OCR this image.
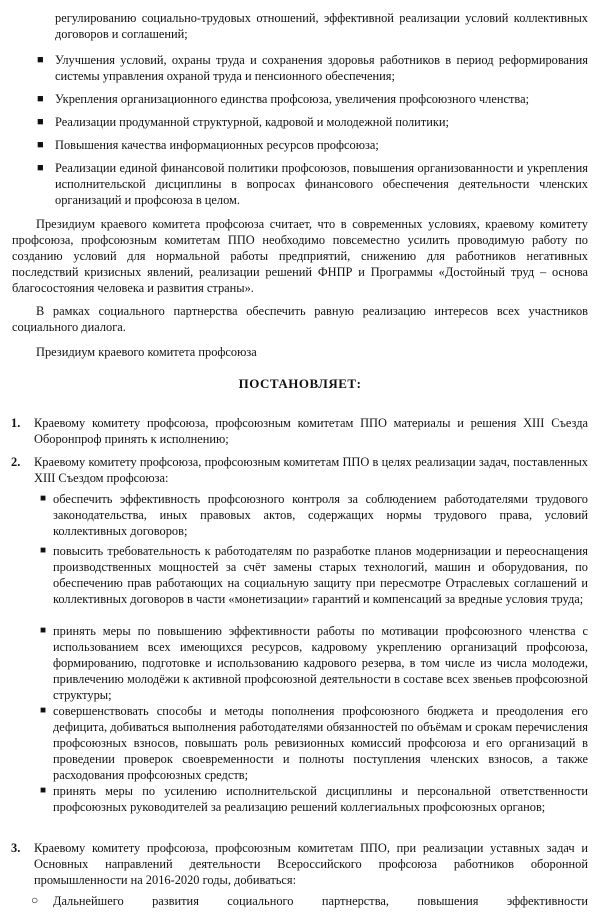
регулированию социально-трудовых отношений, эффективной реализации условий коллективных договоров и соглашений;

■ Улучшения условий, охраны труда и сохранения здоровья работников в период реформирования системы управления охраной труда и пенсионного обеспечения;

■ Укрепления организационного единства профсоюза, увеличения профсоюзного членства;

■ Реализации продуманной структурной, кадровой и молодежной политики;

■ Повышения качества информационных ресурсов профсоюза;

■ Реализации единой финансовой политики профсоюзов, повышения организованности и укрепления исполнительской дисциплины в вопросах финансового обеспечения деятельности членских организаций и профсоюза в целом.

Президиум краевого комитета профсоюза считает, что в современных условиях, краевому комитету профсоюза, профсоюзным комитетам ППО необходимо повсеместно усилить проводимую работу по созданию условий для нормальной работы предприятий, снижению для работников негативных последствий кризисных явлений, реализации решений ФНПР и Программы «Достойный труд – основа благосостояния человека и развития страны».

В рамках социального партнерства обеспечить равную реализацию интересов всех участников социального диалога.

Президиум краевого комитета профсоюза

ПОСТАНОВЛЯЕТ:

1. Краевому комитету профсоюза, профсоюзным комитетам ППО материалы и решения XIII Съезда Оборонпроф принять к исполнению;

2. Краевому комитету профсоюза, профсоюзным комитетам ППО в целях реализации задач, поставленных XIII Съездом профсоюза:

■ обеспечить эффективность профсоюзного контроля за соблюдением работодателями трудового законодательства, иных правовых актов, содержащих нормы трудового права, условий коллективных договоров;

■ повысить требовательность к работодателям по разработке планов модернизации и переоснащения производственных мощностей за счёт замены старых технологий, машин и оборудования, по обеспечению прав работающих на социальную защиту при пересмотре Отраслевых соглашений и коллективных договоров в части «монетизации» гарантий и компенсаций за вредные условия труда;

■ принять меры по повышению эффективности работы по мотивации профсоюзного членства с использованием всех имеющихся ресурсов, кадровому укреплению организаций профсоюза, формированию, подготовке и использованию кадрового резерва, в том числе из числа молодежи, привлечению молодёжи к активной профсоюзной деятельности в составе всех звеньев профсоюзной структуры;

■ совершенствовать способы и методы пополнения профсоюзного бюджета и преодоления его дефицита, добиваться выполнения работодателями обязанностей по объёмам и срокам перечисления профсоюзных взносов, повышать роль ревизионных комиссий профсоюза и его организаций в проведении проверок своевременности и полноты поступления членских взносов, а также расходования профсоюзных средств;

■ принять меры по усилению исполнительской дисциплины и персональной ответственности профсоюзных руководителей за реализацию решений коллегиальных профсоюзных органов;

3. Краевому комитету профсоюза, профсоюзным комитетам ППО, при реализации уставных задач и Основных направлений деятельности Всероссийского профсоюза работников оборонной промышленности на 2016-2020 годы, добиваться:

○ Дальнейшего развития социального партнерства, повышения эффективности
